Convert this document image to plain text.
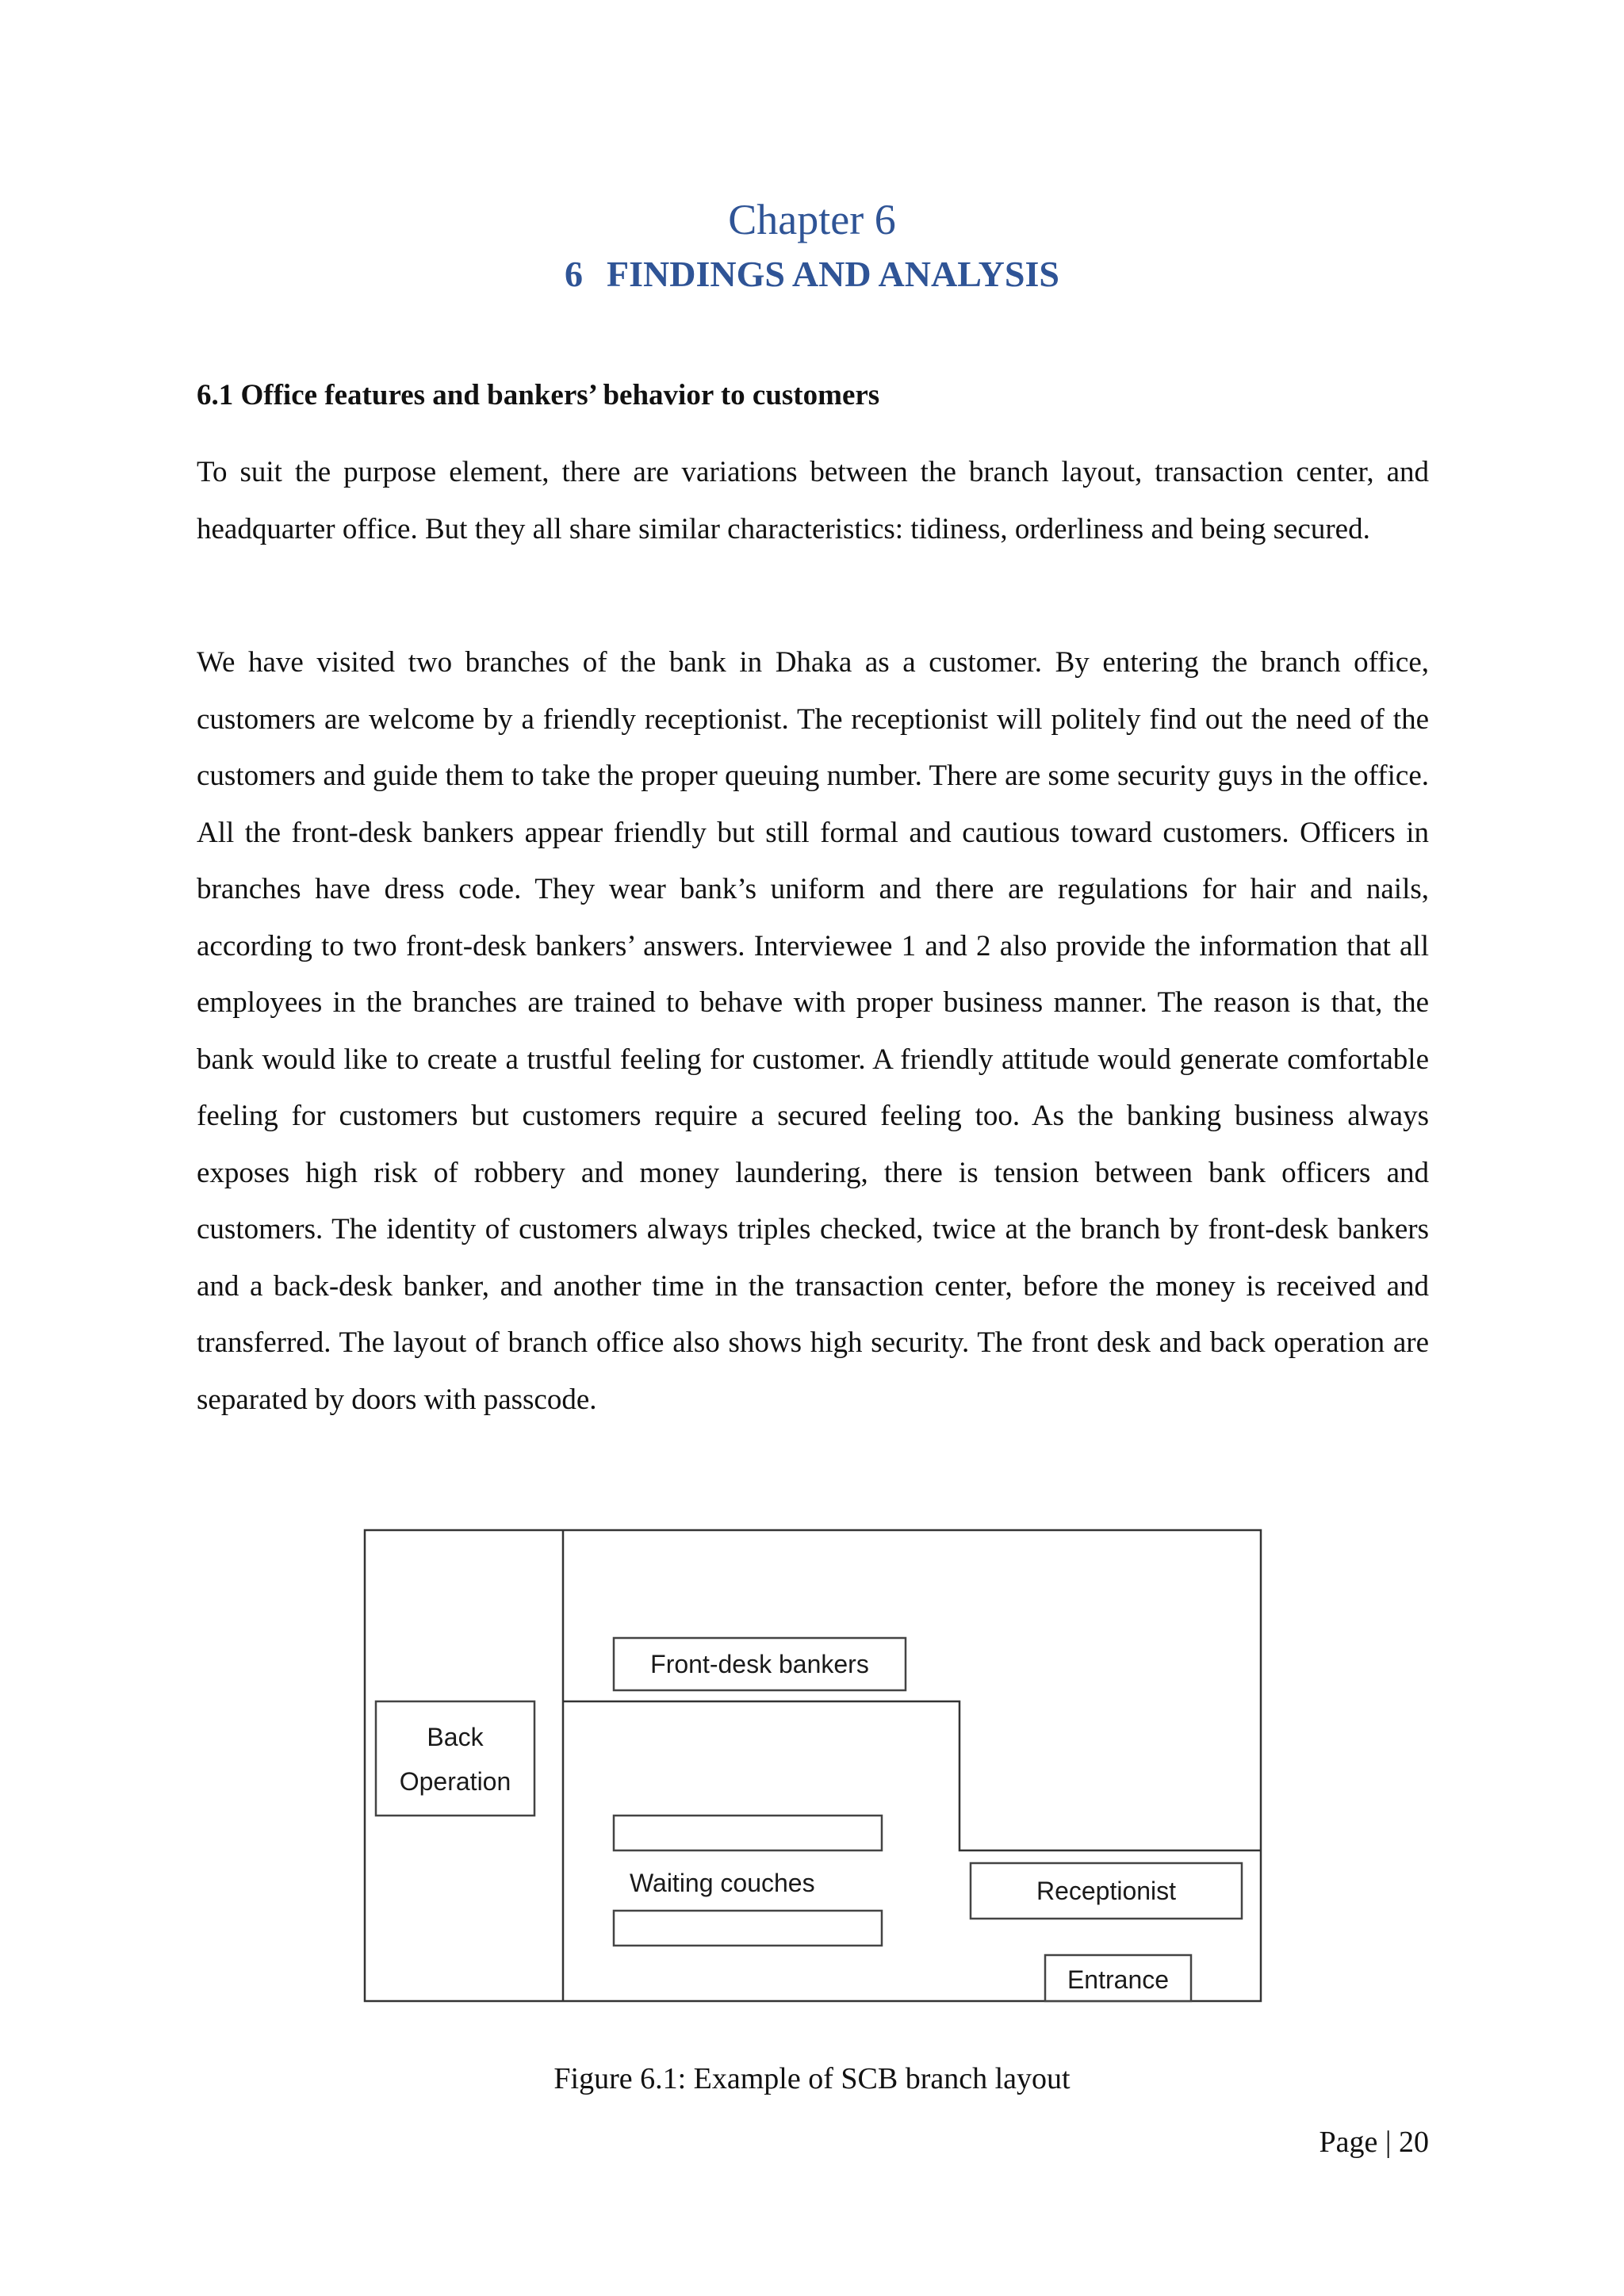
Chapter 6
6 FINDINGS AND ANALYSIS
6.1 Office features and bankers’ behavior to customers

To suit the purpose element, there are variations between the branch layout, transaction center, and headquarter office. But they all share similar characteristics: tidiness, orderliness and being secured.

We have visited two branches of the bank in Dhaka as a customer. By entering the branch office, customers are welcome by a friendly receptionist. The receptionist will politely find out the need of the customers and guide them to take the proper queuing number. There are some security guys in the office. All the front-desk bankers appear friendly but still formal and cautious toward customers. Officers in branches have dress code. They wear bank’s uniform and there are regulations for hair and nails, according to two front-desk bankers’ answers. Interviewee 1 and 2 also provide the information that all employees in the branches are trained to behave with proper business manner. The reason is that, the bank would like to create a trustful feeling for customer. A friendly attitude would generate comfortable feeling for customers but customers require a secured feeling too. As the banking business always exposes high risk of robbery and money laundering, there is tension between bank officers and customers. The identity of customers always triples checked, twice at the branch by front-desk bankers and a back-desk banker, and another time in the transaction center, before the money is received and transferred. The layout of branch office also shows high security. The front desk and back operation are separated by doors with passcode.

Front-desk bankers
Back
Operation
Waiting couches	Receptionist
Entrance
Figure 6.1: Example of SCB branch layout
Page | 20
